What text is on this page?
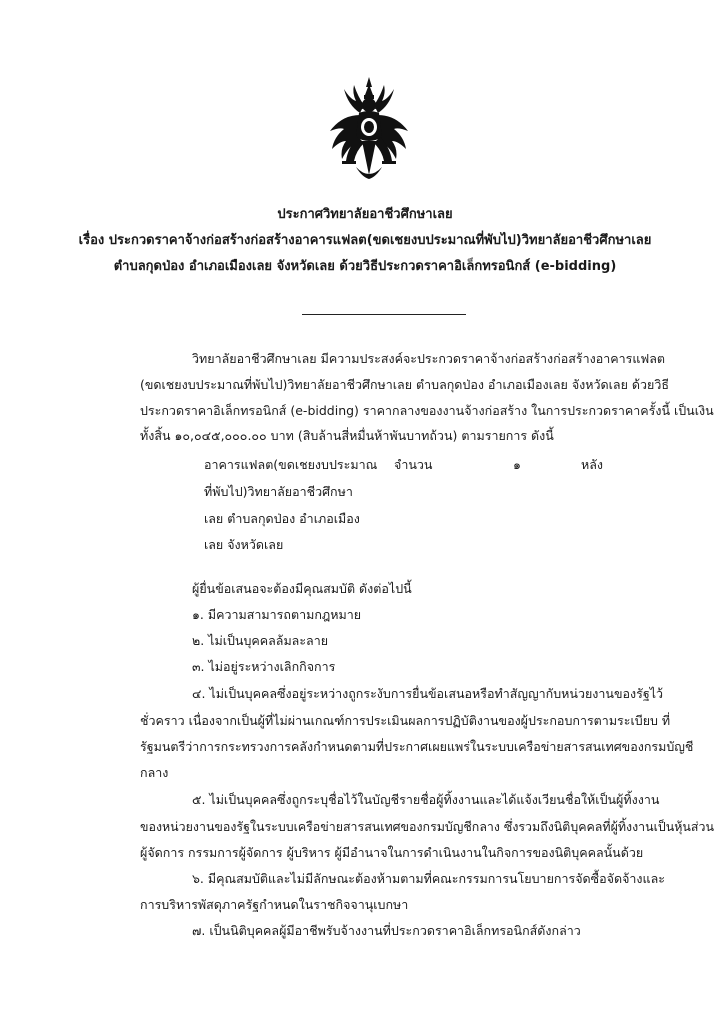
ประกาศวิทยาลัยอาชีวศึกษาเลย
เรื่อง ประกวดราคาจ้างก่อสร้างก่อสร้างอาคารแฟลต(ขดเชยงบประมาณที่พับไป)วิทยาลัยอาชีวศึกษาเลย
ตำบลกุดป่อง อำเภอเมืองเลย จังหวัดเลย ด้วยวิธีประกวดราคาอิเล็กทรอนิกส์ (e-bidding)
วิทยาลัยอาชีวศึกษาเลย มีความประสงค์จะประกวดราคาจ้างก่อสร้างก่อสร้างอาคารแฟลต
(ขดเชยงบประมาณที่พับไป)วิทยาลัยอาชีวศึกษาเลย ตำบลกุดป่อง อำเภอเมืองเลย จังหวัดเลย ด้วยวิธี
ประกวดราคาอิเล็กทรอนิกส์ (e-bidding) ราคากลางของงานจ้างก่อสร้าง ในการประกวดราคาครั้งนี้ เป็นเงิน
ทั้งสิ้น ๑๐,๐๔๕,๐๐๐.๐๐ บาท (สิบล้านสี่หมื่นห้าพันบาทถ้วน) ตามรายการ ดังนี้
อาคารแฟลต(ขดเชยงบประมาณ จำนวน	๑	หลัง
ที่พับไป)วิทยาลัยอาชีวศึกษา
เลย ตำบลกุดป่อง อำเภอเมือง
เลย จังหวัดเลย
ผู้ยื่นข้อเสนอจะต้องมีคุณสมบัติ ดังต่อไปนี้
๑. มีความสามารถตามกฎหมาย
๒. ไม่เป็นบุคคลล้มละลาย
๓. ไม่อยู่ระหว่างเลิกกิจการ
๔. ไม่เป็นบุคคลซึ่งอยู่ระหว่างถูกระงับการยื่นข้อเสนอหรือทำสัญญากับหน่วยงานของรัฐไว้
ชั่วคราว เนื่องจากเป็นผู้ที่ไม่ผ่านเกณฑ์การประเมินผลการปฏิบัติงานของผู้ประกอบการตามระเบียบ ที่
รัฐมนตรีว่าการกระทรวงการคลังกำหนดตามที่ประกาศเผยแพร่ในระบบเครือข่ายสารสนเทศของกรมบัญชี
กลาง
๕. ไม่เป็นบุคคลซึ่งถูกระบุชื่อไว้ในบัญชีรายชื่อผู้ทิ้งงานและได้แจ้งเวียนชื่อให้เป็นผู้ทิ้งงาน
ของหน่วยงานของรัฐในระบบเครือข่ายสารสนเทศของกรมบัญชีกลาง ซึ่งรวมถึงนิติบุคคลที่ผู้ทิ้งงานเป็นหุ้นส่วน
ผู้จัดการ กรรมการผู้จัดการ ผู้บริหาร ผู้มีอำนาจในการดำเนินงานในกิจการของนิติบุคคลนั้นด้วย
๖. มีคุณสมบัติและไม่มีลักษณะต้องห้ามตามที่คณะกรรมการนโยบายการจัดซื้อจัดจ้างและ
การบริหารพัสดุภาครัฐกำหนดในราชกิจจานุเบกษา
๗. เป็นนิติบุคคลผู้มีอาชีพรับจ้างงานที่ประกวดราคาอิเล็กทรอนิกส์ดังกล่าว
